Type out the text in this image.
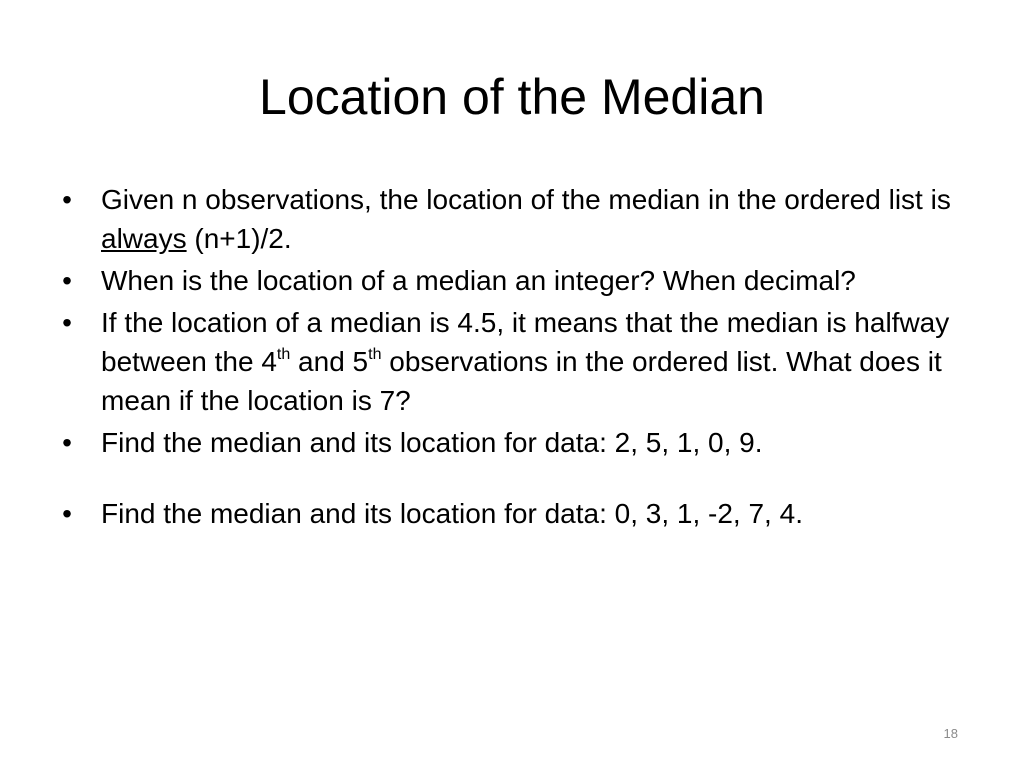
Location of the Median
• Given n observations, the location of the median in the ordered list is always (n+1)/2.
• When is the location of a median an integer? When decimal?
• If the location of a median is 4.5, it means that the median is halfway between the 4th and 5th observations in the ordered list. What does it mean if the location is 7?
• Find the median and its location for data: 2, 5, 1, 0, 9.
• Find the median and its location for data: 0, 3, 1, -2, 7, 4.
18
